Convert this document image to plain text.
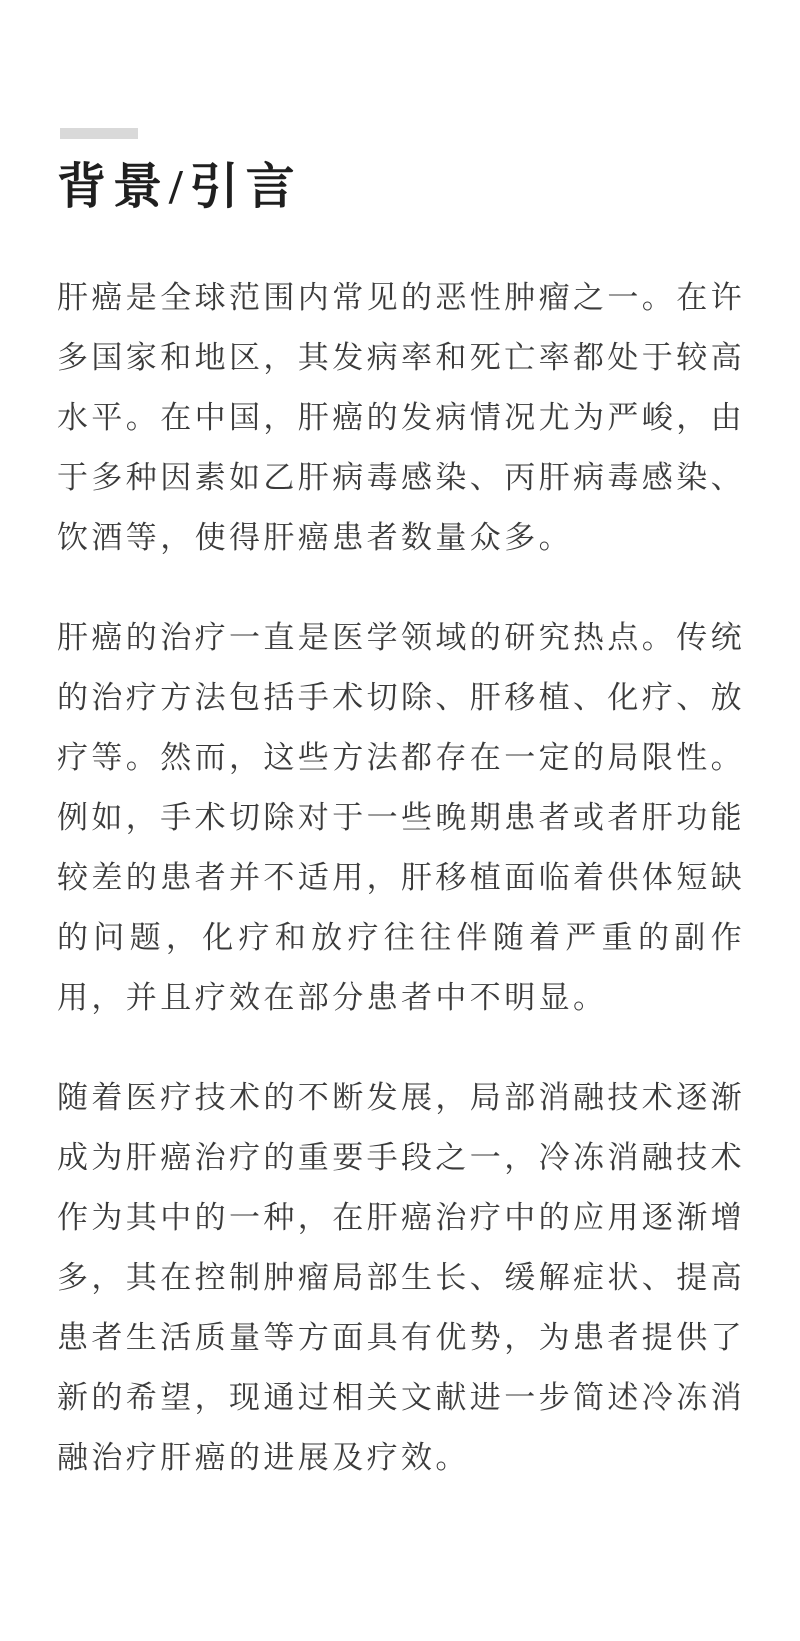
背景/引言

肝癌是全球范围内常见的恶性肿瘤之一。在许多国家和地区，其发病率和死亡率都处于较高水平。在中国，肝癌的发病情况尤为严峻，由于多种因素如乙肝病毒感染、丙肝病毒感染、饮酒等，使得肝癌患者数量众多。

肝癌的治疗一直是医学领域的研究热点。传统的治疗方法包括手术切除、肝移植、化疗、放疗等。然而，这些方法都存在一定的局限性。例如，手术切除对于一些晚期患者或者肝功能较差的患者并不适用，肝移植面临着供体短缺的问题，化疗和放疗往往伴随着严重的副作用，并且疗效在部分患者中不明显。

随着医疗技术的不断发展，局部消融技术逐渐成为肝癌治疗的重要手段之一，冷冻消融技术作为其中的一种，在肝癌治疗中的应用逐渐增多，其在控制肿瘤局部生长、缓解症状、提高患者生活质量等方面具有优势，为患者提供了新的希望，现通过相关文献进一步简述冷冻消融治疗肝癌的进展及疗效。
